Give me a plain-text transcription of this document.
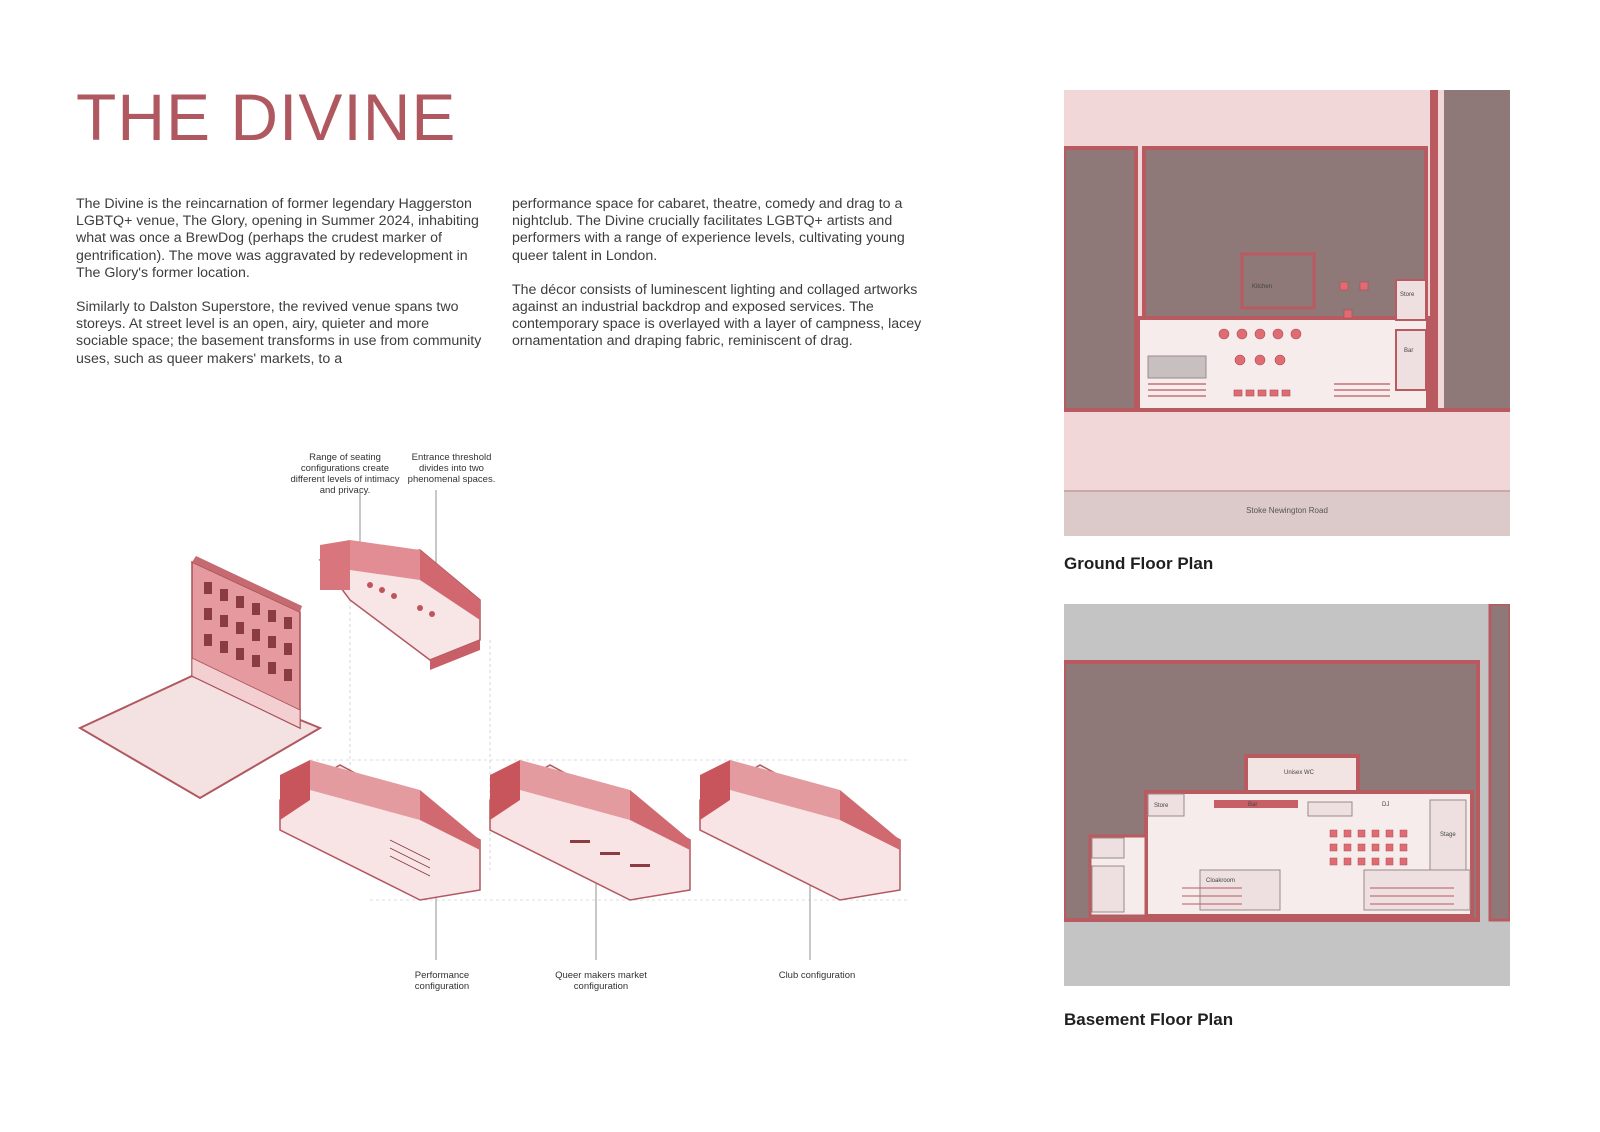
THE DIVINE

The Divine is the reincarnation of former legendary Haggerston LGBTQ+ venue, The Glory, opening in Summer 2024, inhabiting what was once a BrewDog (perhaps the crudest marker of gentrification). The move was aggravated by redevelopment in The Glory's former location.

Similarly to Dalston Superstore, the revived venue spans two storeys. At street level is an open, airy, quieter and more sociable space; the basement transforms in use from community uses, such as queer makers' markets, to a

performance space for cabaret, theatre, comedy and drag to a nightclub. The Divine crucially facilitates LGBTQ+ artists and performers with a range of experience levels, cultivating young queer talent in London.

The décor consists of luminescent lighting and collaged artworks against an industrial backdrop and exposed services. The contemporary space is overlayed with a layer of campness, lacey ornamentation and draping fabric, reminiscent of drag.

Range of seating configurations create different levels of intimacy and privacy.
Entrance threshold divides into two phenomenal spaces.
Performance configuration
Queer makers market configuration
Club configuration
Kitchen
Store
Bar
Stoke Newington Road
Ground Floor Plan
Unisex WC
Store	Bar	DJ
Stage
Cloakroom
Basement Floor Plan
